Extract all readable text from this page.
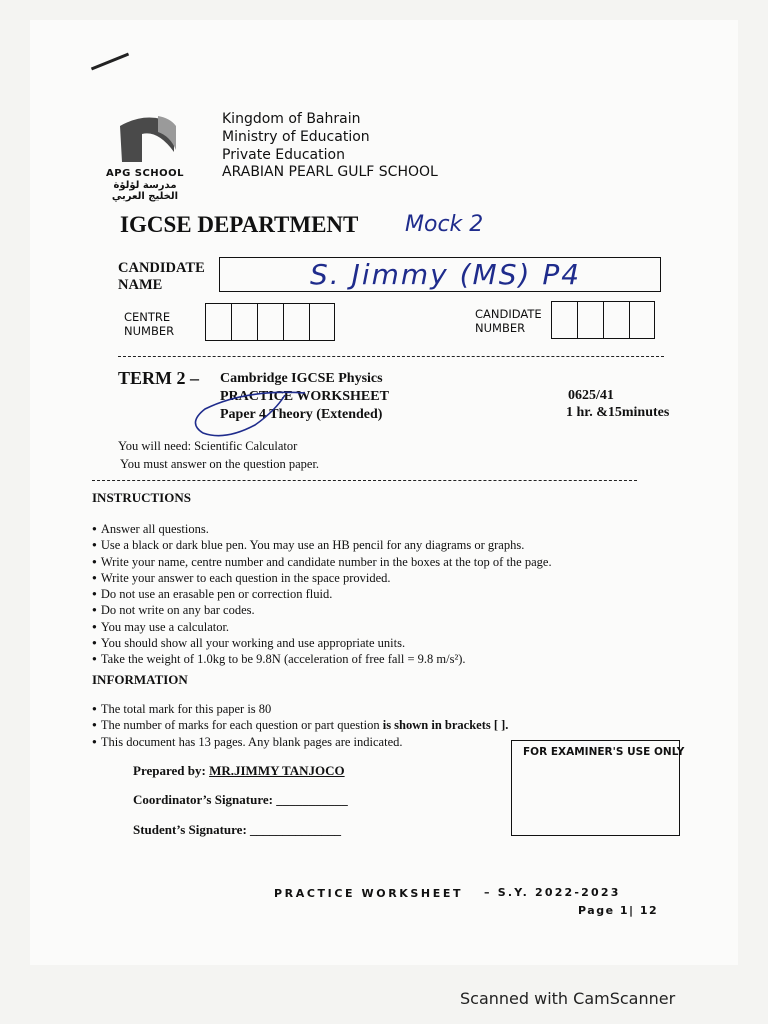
APG SCHOOL
مدرسة لؤلؤة الخليج العربي
Kingdom of Bahrain
Ministry of Education
Private Education
ARABIAN PEARL GULF SCHOOL
IGCSE DEPARTMENT Mock 2
CANDIDATE NAME	S. Jimmy (MS) P4
CENTRE NUMBER
CANDIDATE NUMBER
TERM 2 – Cambridge IGCSE Physics
PRACTICE WORKSHEET
Paper 4 Theory (Extended)
0625/41
1 hr. &15minutes
You will need: Scientific Calculator
You must answer on the question paper.
INSTRUCTIONS
● Answer all questions.
● Use a black or dark blue pen. You may use an HB pencil for any diagrams or graphs.
● Write your name, centre number and candidate number in the boxes at the top of the page.
● Write your answer to each question in the space provided.
● Do not use an erasable pen or correction fluid.
● Do not write on any bar codes.
● You may use a calculator.
● You should show all your working and use appropriate units.
● Take the weight of 1.0kg to be 9.8N (acceleration of free fall = 9.8 m/s²).
INFORMATION
● The total mark for this paper is 80
● The number of marks for each question or part question is shown in brackets [ ].
● This document has 13 pages. Any blank pages are indicated.
FOR EXAMINER'S USE ONLY
Prepared by: MR.JIMMY TANJOCO
Coordinator’s Signature: ___________
Student’s Signature: ______________
PRACTICE WORKSHEET – S.Y. 2022-2023
Page 1| 12
Scanned with CamScanner
